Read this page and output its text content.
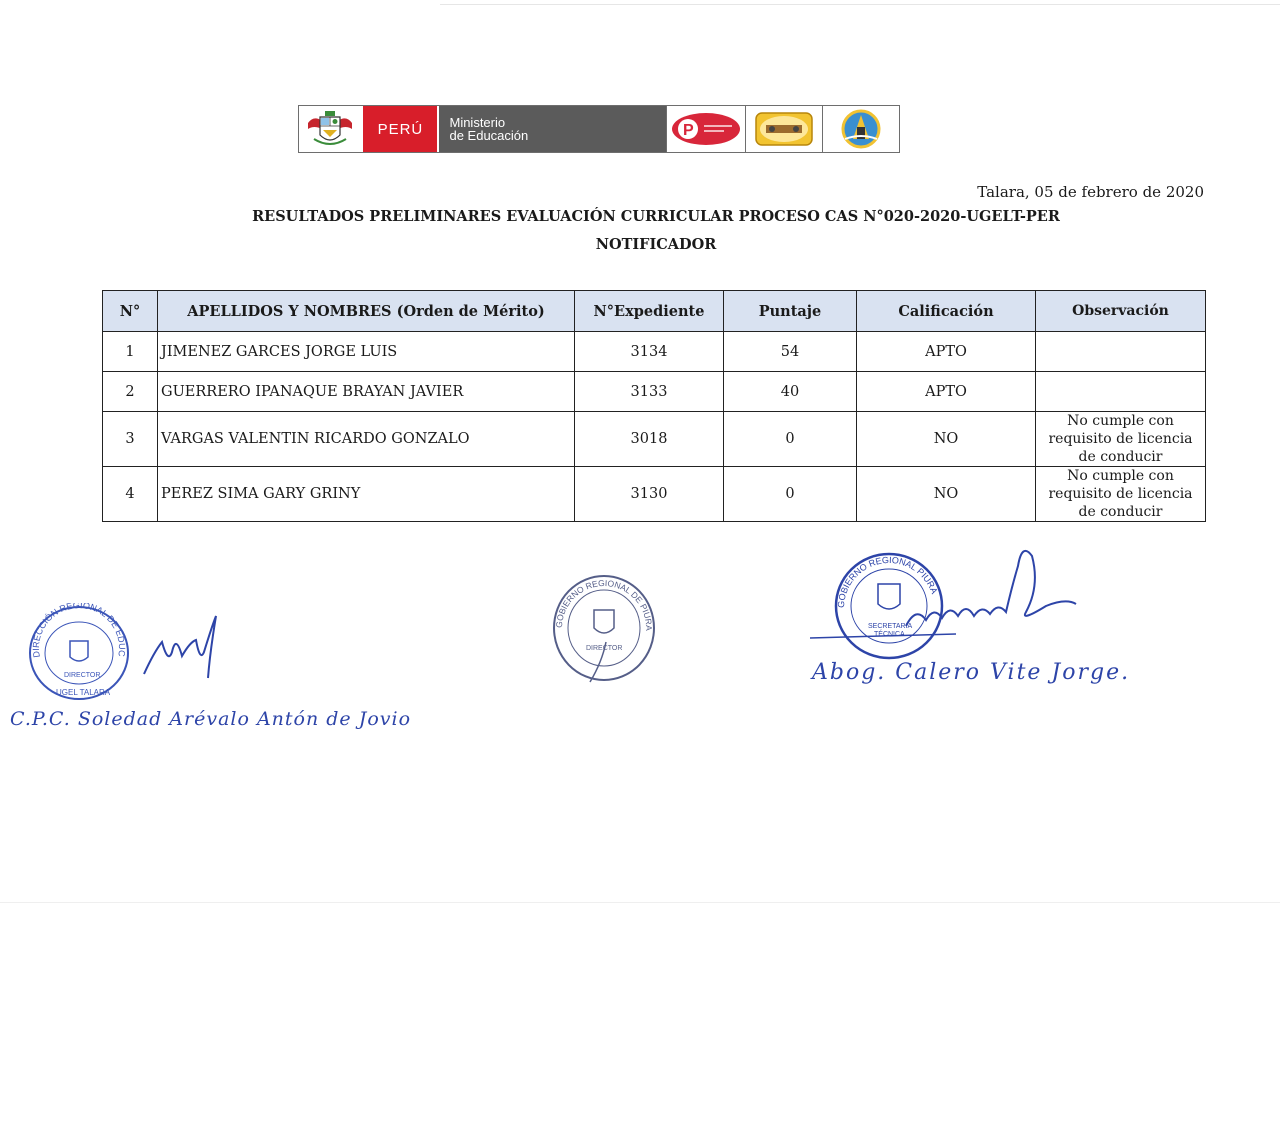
PERÚ	Ministerio
de Educación	P
Talara, 05 de febrero de 2020
RESULTADOS PRELIMINARES EVALUACIÓN CURRICULAR PROCESO CAS N°020-2020-UGELT-PER
NOTIFICADOR
N°	APELLIDOS Y NOMBRES (Orden de Mérito)	N°Expediente	Puntaje	Calificación	Observación
1	JIMENEZ GARCES JORGE LUIS	3134	54	APTO	
2	GUERRERO IPANAQUE BRAYAN JAVIER	3133	40	APTO	
3	VARGAS VALENTIN RICARDO GONZALO	3018	0	NO	No cumple con requisito de licencia de conducir
4	PEREZ SIMA GARY GRINY	3130	0	NO	No cumple con requisito de licencia de conducir
DIRECCIÓN REGIONAL DE EDUC
DIRECTOR
UGEL TALARA
C.P.C. Soledad Arévalo Antón de Jovio
GOBIERNO REGIONAL DE PIURA
DIRECTOR
GOBIERNO REGIONAL PIURA
SECRETARIA
TÉCNICA
Abog. Calero Vite Jorge.
